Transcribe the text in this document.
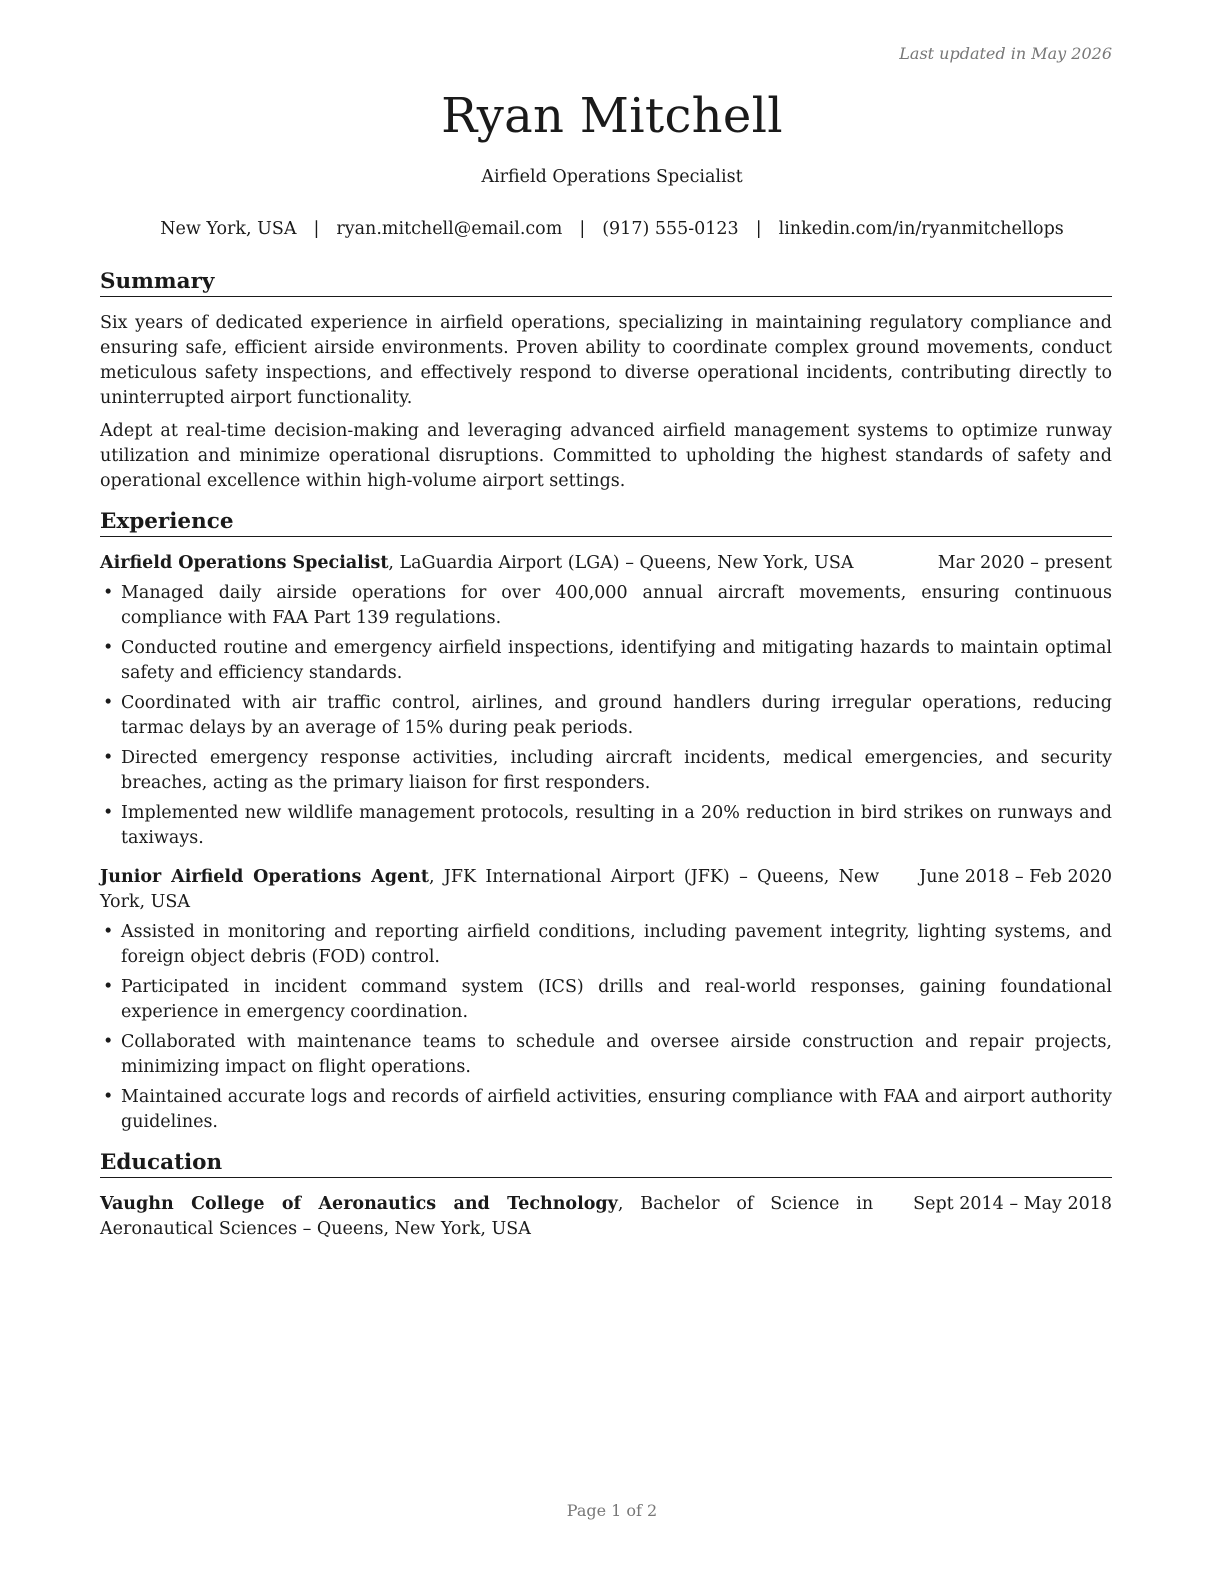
Last updated in May 2026
Ryan Mitchell
Airfield Operations Specialist
New York, USA | ryan.mitchell@email.com | (917) 555-0123 | linkedin.com/in/ryanmitchellops
Summary

Six years of dedicated experience in airfield operations, specializing in maintaining regulatory compliance and ensuring safe, efficient airside environments. Proven ability to coordinate complex ground movements, conduct meticulous safety inspections, and effectively respond to diverse operational incidents, contributing directly to uninterrupted airport functionality.

Adept at real-time decision-making and leveraging advanced airfield management systems to optimize runway utilization and minimize operational disruptions. Committed to upholding the highest standards of safety and operational excellence within high-volume airport settings.

Experience
Airfield Operations Specialist, LaGuardia Airport (LGA) – Queens, New York, USA	Mar 2020 – present
• Managed daily airside operations for over 400,000 annual aircraft movements, ensuring continuous compliance with FAA Part 139 regulations.
• Conducted routine and emergency airfield inspections, identifying and mitigating hazards to maintain optimal safety and efficiency standards.
• Coordinated with air traffic control, airlines, and ground handlers during irregular operations, reducing tarmac delays by an average of 15% during peak periods.
• Directed emergency response activities, including aircraft incidents, medical emergencies, and security breaches, acting as the primary liaison for first responders.
• Implemented new wildlife management protocols, resulting in a 20% reduction in bird strikes on runways and taxiways.
Junior Airfield Operations Agent, JFK International Airport (JFK) – Queens, New York, USA
June 2018 – Feb 2020
• Assisted in monitoring and reporting airfield conditions, including pavement integrity, lighting systems, and foreign object debris (FOD) control.
• Participated in incident command system (ICS) drills and real-world responses, gaining foundational experience in emergency coordination.
• Collaborated with maintenance teams to schedule and oversee airside construction and repair projects, minimizing impact on flight operations.
• Maintained accurate logs and records of airfield activities, ensuring compliance with FAA and airport authority guidelines.
Education
Vaughn College of Aeronautics and Technology, Bachelor of Science in Aeronautical Sciences – Queens, New York, USA
Sept 2014 – May 2018
Page 1 of 2
